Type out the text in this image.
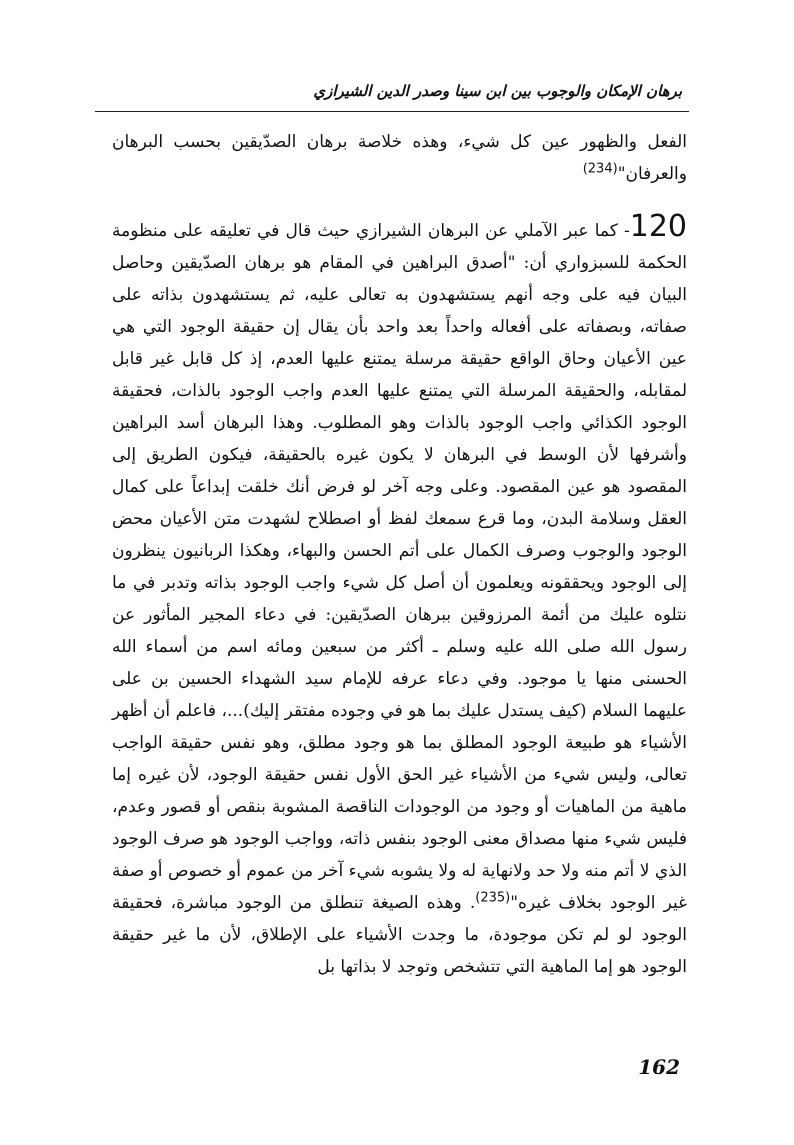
برهان الإمكان والوجوب بين ابن سينا وصدر الدين الشيرازي

الفعل والظهور عين كل شيء، وهذه خلاصة برهان الصدّيقين بحسب البرهان والعرفان"$^{(234)}$

120- كما عبر الآملي عن البرهان الشيرازي حيث قال في تعليقه على منظومة الحكمة للسبزواري أن: "أصدق البراهين في المقام هو برهان الصدّيقين وحاصل البيان فيه على وجه أنهم يستشهدون به تعالى عليه، ثم يستشهدون بذاته على صفاته، وبصفاته على أفعاله واحداً بعد واحد بأن يقال إن حقيقة الوجود التي هي عين الأعيان وحاق الواقع حقيقة مرسلة يمتنع عليها العدم، إذ كل قابل غير قابل لمقابله، والحقيقة المرسلة التي يمتنع عليها العدم واجب الوجود بالذات، فحقيقة الوجود الكذائي واجب الوجود بالذات وهو المطلوب. وهذا البرهان أسد البراهين وأشرفها لأن الوسط في البرهان لا يكون غيره بالحقيقة، فيكون الطريق إلى المقصود هو عين المقصود. وعلى وجه آخر لو فرض أنك خلقت إبداعاً على كمال العقل وسلامة البدن، وما قرع سمعك لفظ أو اصطلاح لشهدت متن الأعيان محض الوجود والوجوب وصرف الكمال على أتم الحسن والبهاء، وهكذا الربانيون ينظرون إلى الوجود ويحققونه ويعلمون أن أصل كل شيء واجب الوجود بذاته وتدبر في ما نتلوه عليك من أئمة المرزوقين ببرهان الصدّيقين: في دعاء المجير المأثور عن رسول الله صلى الله عليه وسلم ـ أكثر من سبعين ومائه اسم من أسماء الله الحسنى منها يا موجود. وفي دعاء عرفه للإمام سيد الشهداء الحسين بن على عليهما السلام (كيف يستدل عليك بما هو في وجوده مفتقر إليك)...، فاعلم أن أظهر الأشياء هو طبيعة الوجود المطلق بما هو وجود مطلق، وهو نفس حقيقة الواجب تعالى، وليس شيء من الأشياء غير الحق الأول نفس حقيقة الوجود، لأن غيره إما ماهية من الماهيات أو وجود من الوجودات الناقصة المشوبة بنقص أو قصور وعدم، فليس شيء منها مصداق معنى الوجود بنفس ذاته، وواجب الوجود هو صرف الوجود الذي لا أتم منه ولا حد ولانهاية له ولا يشوبه شيء آخر من عموم أو خصوص أو صفة غير الوجود بخلاف غيره"$^{(235)}$. وهذه الصيغة تنطلق من الوجود مباشرة، فحقيقة الوجود لو لم تكن موجودة، ما وجدت الأشياء على الإطلاق، لأن ما غير حقيقة الوجود هو إما الماهية التي تتشخص وتوجد لا بذاتها بل

162
